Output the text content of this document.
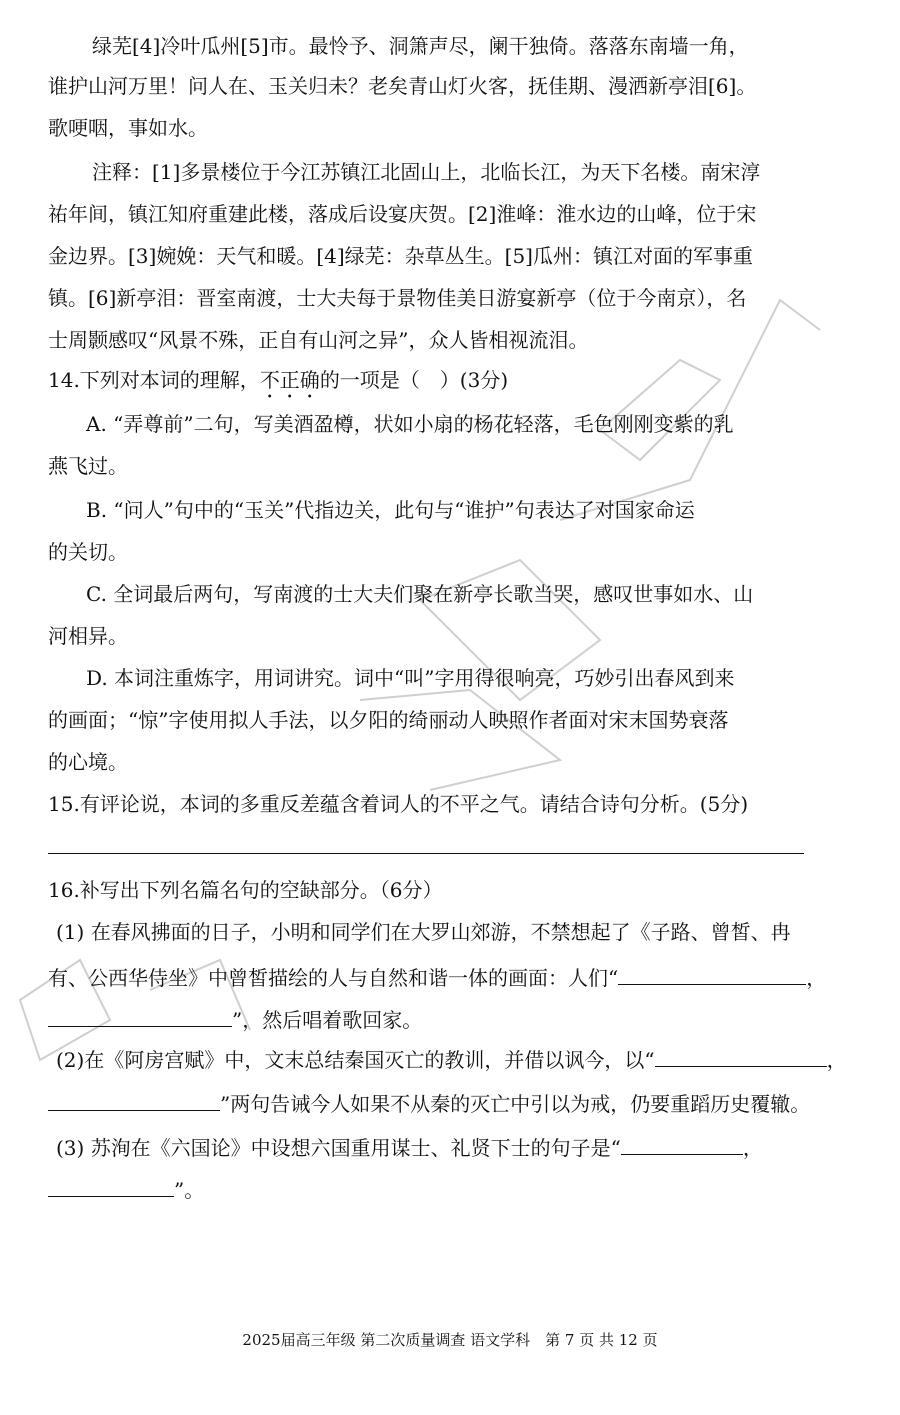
绿芜[4]冷叶瓜州[5]市。最怜予、洞箫声尽，阑干独倚。落落东南墙一角，
谁护山河万里！问人在、玉关归未？老矣青山灯火客，抚佳期、漫洒新亭泪[6]。
歌哽咽，事如水。
注释：[1]多景楼位于今江苏镇江北固山上，北临长江，为天下名楼。南宋淳
祐年间，镇江知府重建此楼，落成后设宴庆贺。[2]淮峰：淮水边的山峰，位于宋
金边界。[3]婉娩：天气和暖。[4]绿芜：杂草丛生。[5]瓜州：镇江对面的军事重
镇。[6]新亭泪：晋室南渡，士大夫每于景物佳美日游宴新亭（位于今南京），名
士周颢感叹“风景不殊，正自有山河之异”，众人皆相视流泪。
14.下列对本词的理解，不正确的一项是（　）(3分)
A. “弄尊前”二句，写美酒盈樽，状如小扇的杨花轻落，毛色刚刚变紫的乳
燕飞过。
B. “问人”句中的“玉关”代指边关，此句与“谁护”句表达了对国家命运
的关切。
C. 全词最后两句，写南渡的士大夫们聚在新亭长歌当哭，感叹世事如水、山
河相异。
D. 本词注重炼字，用词讲究。词中“叫”字用得很响亮，巧妙引出春风到来
的画面；“惊”字使用拟人手法，以夕阳的绮丽动人映照作者面对宋末国势衰落
的心境。
15.有评论说，本词的多重反差蕴含着词人的不平之气。请结合诗句分析。(5分)
16.补写出下列名篇名句的空缺部分。（6分）
(1) 在春风拂面的日子，小明和同学们在大罗山郊游，不禁想起了《子路、曾皙、冉
有、公西华侍坐》中曾皙描绘的人与自然和谐一体的画面：人们“	，
”，然后唱着歌回家。
(2)在《阿房宫赋》中，文末总结秦国灭亡的教训，并借以讽今，以“	，
”两句告诫今人如果不从秦的灭亡中引以为戒，仍要重蹈历史覆辙。
(3) 苏洵在《六国论》中设想六国重用谋士、礼贤下士的句子是“	，
”。
2025届高三年级 第二次质量调查 语文学科　第 7 页 共 12 页
